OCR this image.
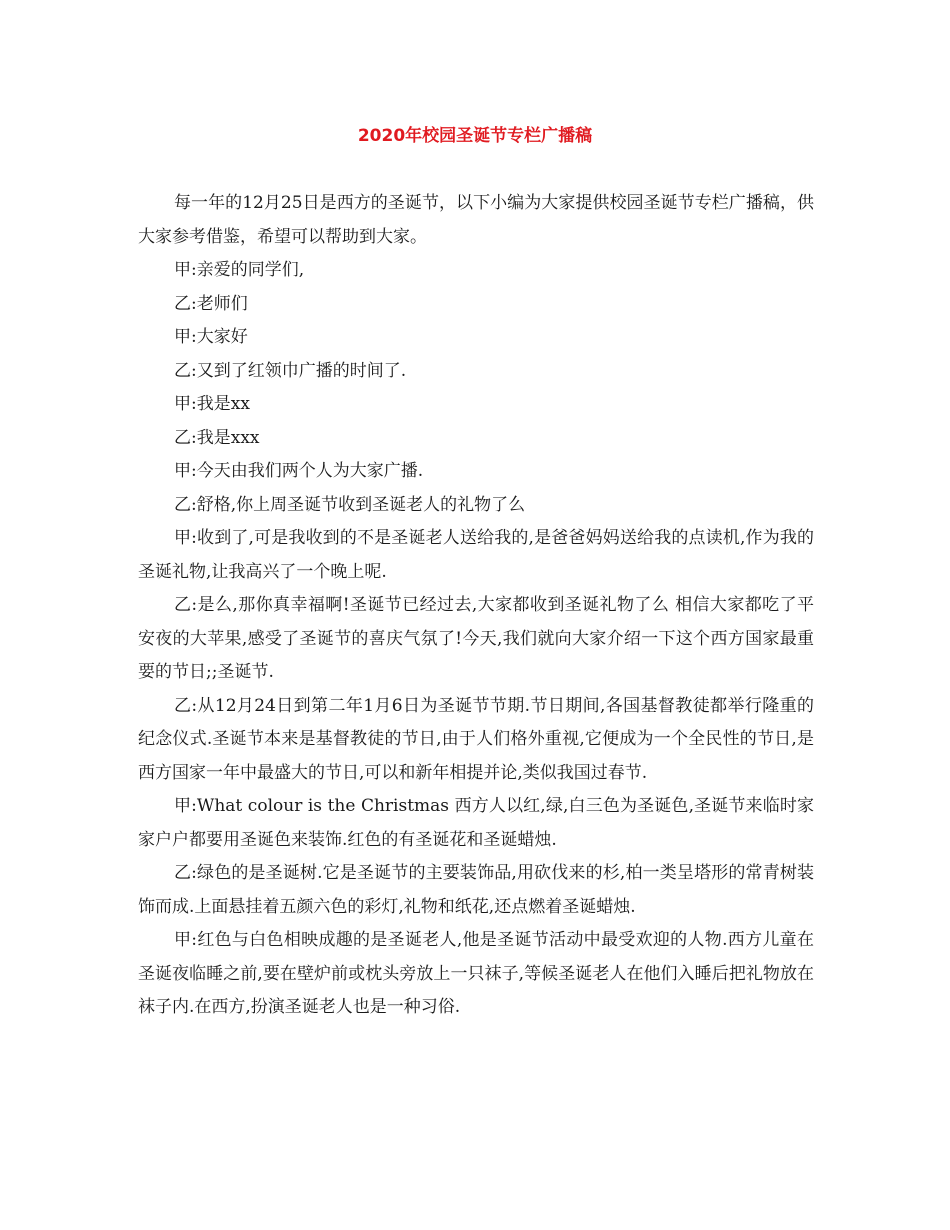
2020年校园圣诞节专栏广播稿

每一年的12月25日是西方的圣诞节，以下小编为大家提供校园圣诞节专栏广播稿，供大家参考借鉴，希望可以帮助到大家。

甲:亲爱的同学们,

乙:老师们

甲:大家好

乙:又到了红领巾广播的时间了.

甲:我是xx

乙:我是xxx

甲:今天由我们两个人为大家广播.

乙:舒格,你上周圣诞节收到圣诞老人的礼物了么

甲:收到了,可是我收到的不是圣诞老人送给我的,是爸爸妈妈送给我的点读机,作为我的圣诞礼物,让我高兴了一个晚上呢.

乙:是么,那你真幸福啊!圣诞节已经过去,大家都收到圣诞礼物了么 相信大家都吃了平安夜的大苹果,感受了圣诞节的喜庆气氛了!今天,我们就向大家介绍一下这个西方国家最重要的节日;;圣诞节.

乙:从12月24日到第二年1月6日为圣诞节节期.节日期间,各国基督教徒都举行隆重的纪念仪式.圣诞节本来是基督教徒的节日,由于人们格外重视,它便成为一个全民性的节日,是西方国家一年中最盛大的节日,可以和新年相提并论,类似我国过春节.

甲:What colour is the Christmas 西方人以红,绿,白三色为圣诞色,圣诞节来临时家家户户都要用圣诞色来装饰.红色的有圣诞花和圣诞蜡烛.

乙:绿色的是圣诞树.它是圣诞节的主要装饰品,用砍伐来的杉,柏一类呈塔形的常青树装饰而成.上面悬挂着五颜六色的彩灯,礼物和纸花,还点燃着圣诞蜡烛.

甲:红色与白色相映成趣的是圣诞老人,他是圣诞节活动中最受欢迎的人物.西方儿童在圣诞夜临睡之前,要在壁炉前或枕头旁放上一只袜子,等候圣诞老人在他们入睡后把礼物放在袜子内.在西方,扮演圣诞老人也是一种习俗.
